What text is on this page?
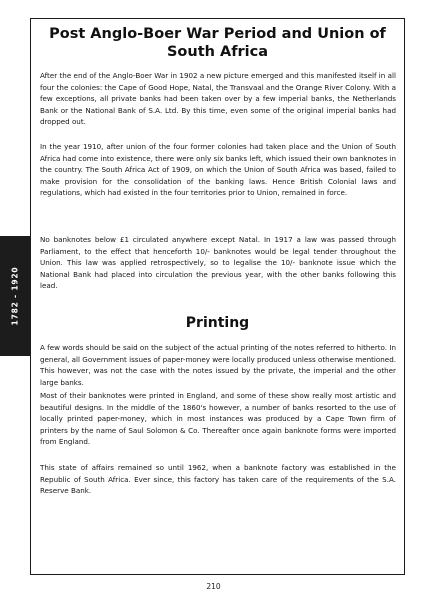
1782 - 1920
Post Anglo-Boer War Period and Union of South Africa

After the end of the Anglo-Boer War in 1902 a new picture emerged and this manifested itself in all four the colonies: the Cape of Good Hope, Natal, the Transvaal and the Orange River Colony. With a few exceptions, all private banks had been taken over by a few imperial banks, the Netherlands Bank or the National Bank of S.A. Ltd. By this time, even some of the original imperial banks had dropped out.

In the year 1910, after union of the four former colonies had taken place and the Union of South Africa had come into existence, there were only six banks left, which issued their own banknotes in the country. The South Africa Act of 1909, on which the Union of South Africa was based, failed to make provision for the consolidation of the banking laws. Hence British Colonial laws and regulations, which had existed in the four territories prior to Union, remained in force.

No banknotes below £1 circulated anywhere except Natal. In 1917 a law was passed through Parliament, to the effect that henceforth 10/- banknotes would be legal tender throughout the Union. This law was applied retrospectively, so to legalise the 10/- banknote issue which the National Bank had placed into circulation the previous year, with the other banks following this lead.

Printing

A few words should be said on the subject of the actual printing of the notes referred to hitherto. In general, all Government issues of paper-money were locally produced unless otherwise mentioned. This however, was not the case with the notes issued by the private, the imperial and the other large banks.

Most of their banknotes were printed in England, and some of these show really most artistic and beautiful designs. In the middle of the 1860's however, a number of banks resorted to the use of locally printed paper-money, which in most instances was produced by a Cape Town firm of printers by the name of Saul Solomon & Co. Thereafter once again banknote forms were imported from England.

This state of affairs remained so until 1962, when a banknote factory was established in the Republic of South Africa. Ever since, this factory has taken care of the requirements of the S.A. Reserve Bank.

210
